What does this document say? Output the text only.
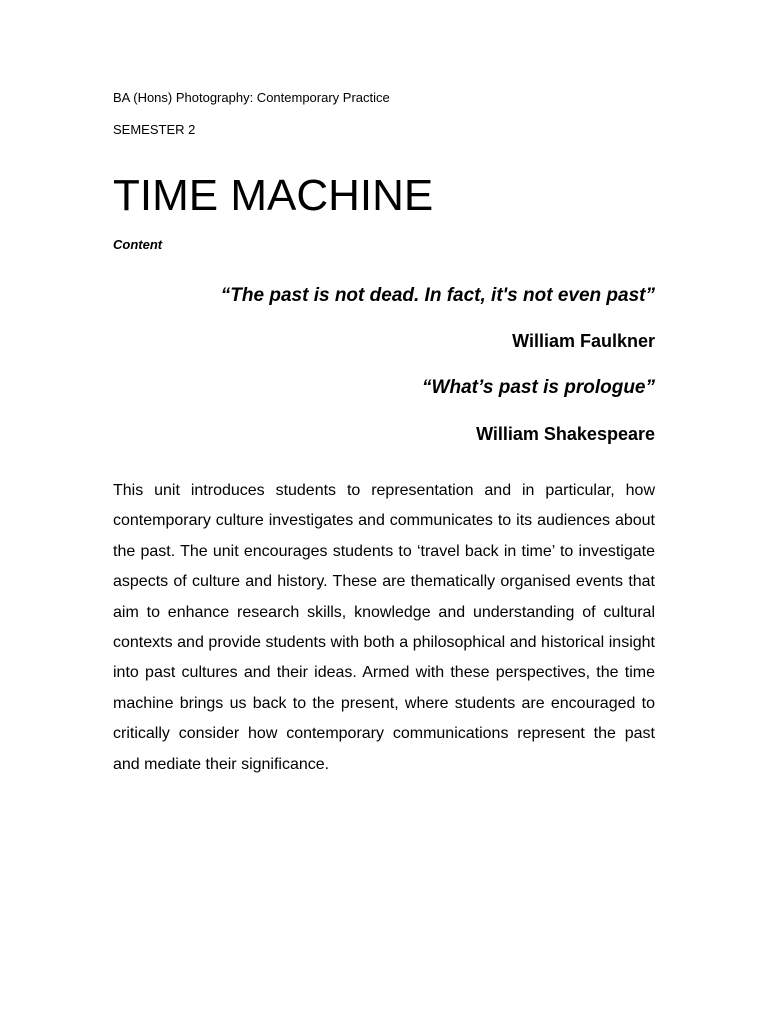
BA (Hons) Photography: Contemporary Practice
SEMESTER 2
TIME MACHINE
Content
“The past is not dead. In fact, it's not even past”
William Faulkner
“What’s past is prologue”
William Shakespeare

This unit introduces students to representation and in particular, how contemporary culture investigates and communicates to its audiences about the past. The unit encourages students to ‘travel back in time’ to investigate aspects of culture and history. These are thematically organised events that aim to enhance research skills, knowledge and understanding of cultural contexts and provide students with both a philosophical and historical insight into past cultures and their ideas. Armed with these perspectives, the time machine brings us back to the present, where students are encouraged to critically consider how contemporary communications represent the past and mediate their significance.
